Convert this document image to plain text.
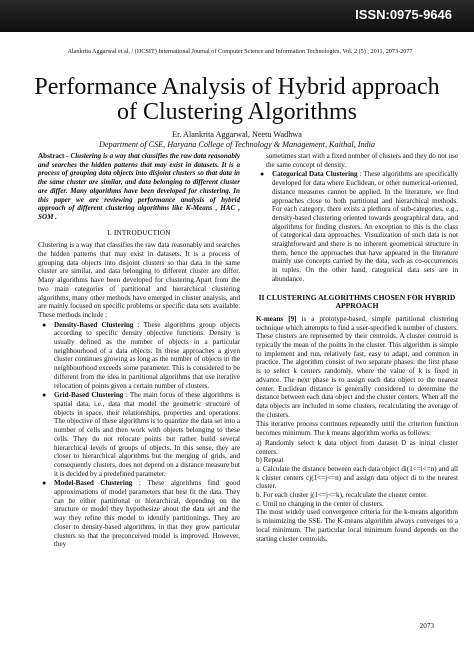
ISSN:0975-9646
Alankrita Aggarwal et al, / (IJCSIT) International Journal of Computer Science and Information Technologies, Vol. 2 (5) , 2011, 2073-2077
Performance Analysis of Hybrid approach
of Clustering Algorithms
Er. Alankrita Aggarwal, Neetu Wadhwa
Department of CSE, Haryana College of Technology & Management, Kaithal, India

Abstract - Clustering is a way that classifies the raw data reasonably and searches the hidden patterns that may exist in datasets. It is a process of grouping data objects into disjoint clusters so that data in the same cluster are similar, and data belonging to different cluster are differ. Many algorithms have been developed for clustering. In this paper we are reviewing performance analysis of hybrid approach of different clustering algorithms like K-Means , HAC , SOM .

I. INTRODUCTION

Clustering is a way that classifies the raw data reasonably and searches the hidden patterns that may exist in datasets. It is a process of grouping data objects into disjoint clusters so that data in the same cluster are similar, and data belonging to different cluster are differ. Many algorithms have been developed for clustering.Apart from the two main categories of partitional and hierarchical clustering algorithms, many other methods have emerged in cluster analysis, and are mainly focused on specific problems or specific data sets available. These methods include :

● Density-Based Clustering : These algorithms group objects according to specific density objective functions. Density is usually defined as the number of objects in a particular neighbourhood of a data objects. In these approaches a given cluster continues growing as long as the number of objects in the neighbourhood exceeds some parameter. This is considered to be different from the idea in partitional algorithms that use iterative relocation of points given a certain number of clusters.
● Grid-Based Clustering : The main focus of these algorithms is spatial data, i.e., data that model the geometric structure of objects in space, their relationships, properties and operations. The objective of these algorithms is to quantize the data set into a number of cells and then work with objects belonging to these cells. They do not relocate points but rather build several hierarchical levels of groups of objects. In this sense, they are closer to hierarchical algorithms but the merging of grids, and consequently clusters, does not depend on a distance measure but it is decided by a predefined parameter.
● Model-Based Clustering : These algorithms find good approximations of model parameters that best fit the data. They can be either partitional or hierarchical, depending on the structure or model they hypothesize about the data set and the way they refine this model to identify partitionings. They are closer to density-based algorithms, in that they grow particular clusters so that the preconceived model is improved. However, they

sometimes start with a fixed number of clusters and they do not use the same concept of density.

● Categorical Data Clustering : These algorithms are specifically developed for data where Euclidean, or other numerical-oriented, distance measures cannot be applied. In the literature, we find approaches close to both partitional and hierarchical methods. For each category, there exists a plethora of sub-categories, e.g., density-based clustering oriented towards geographical data, and algorithms for finding clusters. An exception to this is the class of categorical data approaches. Visualization of such data is not straightforward and there is no inherent geometrical structure in them, hence the approaches that have appeared in the literature mainly use concepts carried by the data, such as co-occurrences in tuples. On the other hand, categorical data sets are in abundance.
II CLUSTERING ALGORITHMS CHOSEN FOR HYBRID APPROACH

K-means [9] is a prototype-based, simple partitional clustering technique which attempts to find a user-specified k number of clusters. These clusters are represented by their centroids. A cluster centroid is typically the mean of the points in the cluster. This algorithm is simple to implement and run, relatively fast, easy to adapt, and common in practice. The algorithm consist of two separate phases: the first phase is to select k centers randomly, where the value of k is fixed in advance. The next phase is to assign each data object to the nearest center. Euclidean distance is generally considered to determine the distance between each data object and the cluster centers. When all the data objects are included in some clusters, recalculating the average of the clusters.

This iterative process continues repeatedly until the criterion function becomes minimum. The k means algorithm works as follows:

a) Randomly select k data object from dataset D as initial cluster centers.
b) Repeat
a. Calculate the distance between each data object di(1<=i<=n) and all k cluster centers cj(1<=j<=n) and assign data object di to the nearest cluster.
b. For each cluster j(1<=j<=k), recalculate the cluster center.
c. Until no changing in the center of clusters.

The most widely used convergence criteria for the k-means algorithm is minimizing the SSE. The K-means algorithm always converges to a local minimum. The particular local minimum found depends on the starting cluster centroids.

2073
